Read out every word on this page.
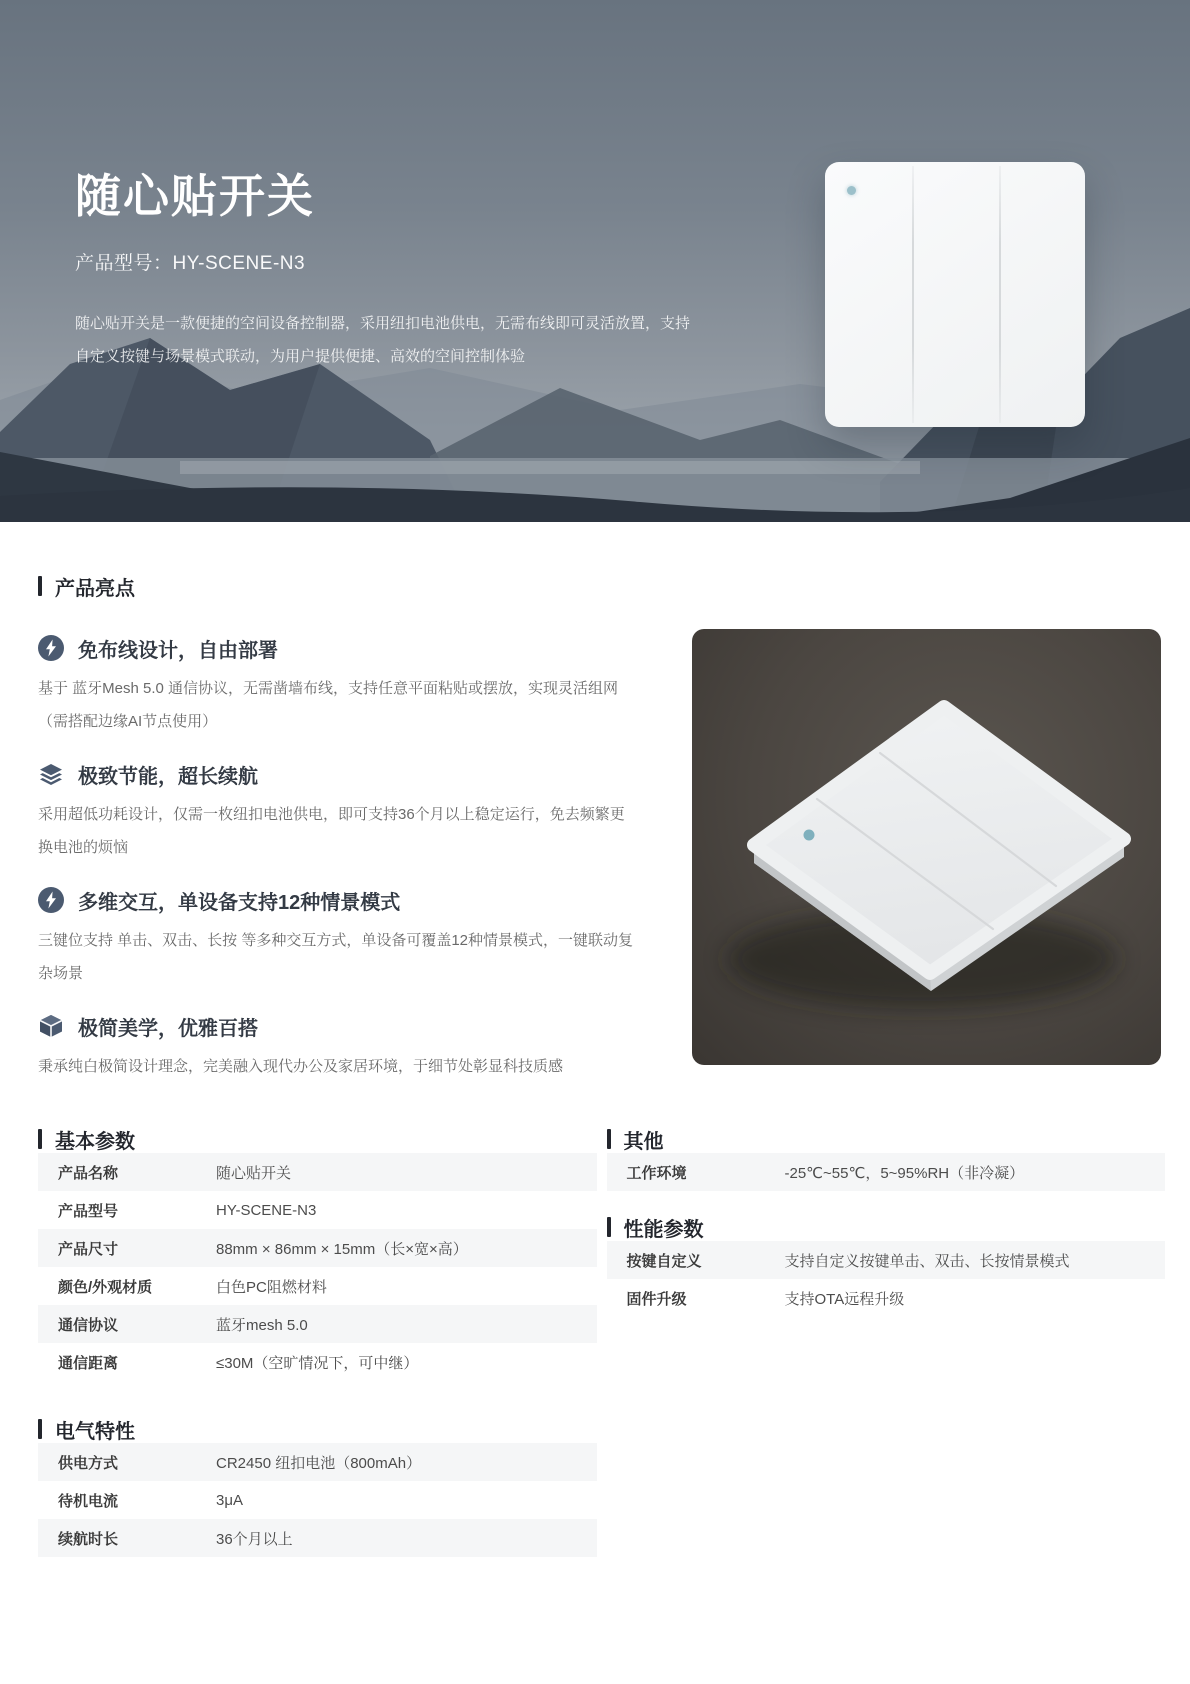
随心贴开关

产品型号：HY-SCENE-N3

随心贴开关是一款便捷的空间设备控制器，采用纽扣电池供电，无需布线即可灵活放置，支持自定义按键与场景模式联动，为用户提供便捷、高效的空间控制体验

产品亮点
免布线设计，自由部署

基于 蓝牙Mesh 5.0 通信协议，无需凿墙布线，支持任意平面粘贴或摆放，实现灵活组网（需搭配边缘AI节点使用）

极致节能，超长续航

采用超低功耗设计，仅需一枚纽扣电池供电，即可支持36个月以上稳定运行，免去频繁更换电池的烦恼

多维交互，单设备支持12种情景模式

三键位支持 单击、双击、长按 等多种交互方式，单设备可覆盖12种情景模式，一键联动复杂场景

极简美学，优雅百搭

秉承纯白极简设计理念，完美融入现代办公及家居环境，于细节处彰显科技质感

基本参数
产品名称	随心贴开关
产品型号	HY-SCENE-N3
产品尺寸	88mm × 86mm × 15mm（长×宽×高）
颜色/外观材质	白色PC阻燃材料
通信协议	蓝牙mesh 5.0
通信距离	≤30M（空旷情况下，可中继）
电气特性
供电方式	CR2450 纽扣电池（800mAh）
待机电流	3μA
续航时长	36个月以上
其他
工作环境	-25℃~55℃，5~95%RH（非冷凝）
性能参数
按键自定义	支持自定义按键单击、双击、长按情景模式
固件升级	支持OTA远程升级
